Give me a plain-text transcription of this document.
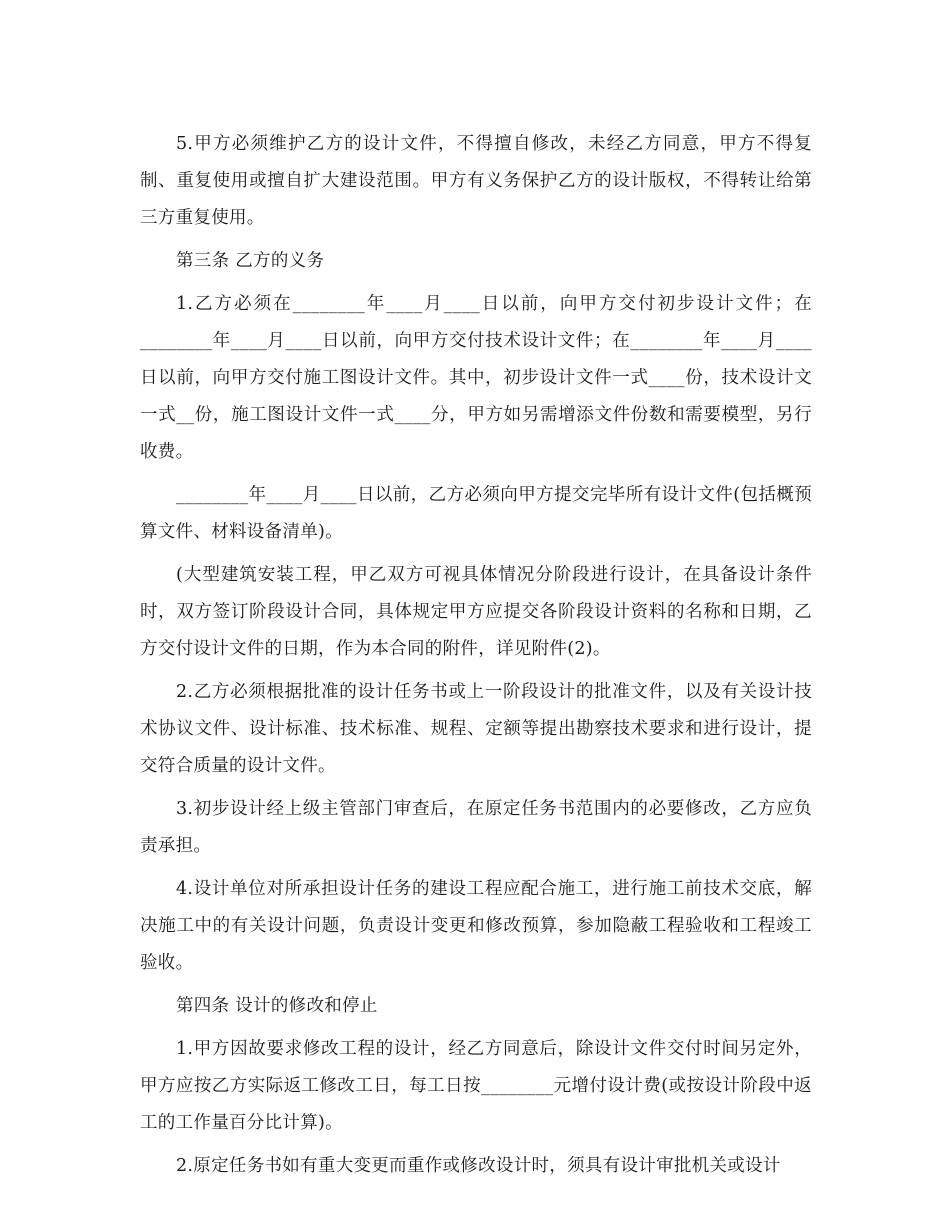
5.甲方必须维护乙方的设计文件，不得擅自修改，未经乙方同意，甲方不得复制、重复使用或擅自扩大建设范围。甲方有义务保护乙方的设计版权，不得转让给第三方重复使用。

第三条 乙方的义务

1.乙方必须在________年____月____日以前，向甲方交付初步设计文件；在________年____月____日以前，向甲方交付技术设计文件；在________年____月____日以前，向甲方交付施工图设计文件。其中，初步设计文件一式____份，技术设计文一式__份，施工图设计文件一式____分，甲方如另需增添文件份数和需要模型，另行收费。

________年____月____日以前，乙方必须向甲方提交完毕所有设计文件(包括概预算文件、材料设备清单)。

(大型建筑安装工程，甲乙双方可视具体情况分阶段进行设计，在具备设计条件时，双方签订阶段设计合同，具体规定甲方应提交各阶段设计资料的名称和日期，乙方交付设计文件的日期，作为本合同的附件，详见附件(2)。

2.乙方必须根据批准的设计任务书或上一阶段设计的批准文件，以及有关设计技术协议文件、设计标准、技术标准、规程、定额等提出勘察技术要求和进行设计，提交符合质量的设计文件。

3.初步设计经上级主管部门审查后，在原定任务书范围内的必要修改，乙方应负责承担。

4.设计单位对所承担设计任务的建设工程应配合施工，进行施工前技术交底，解决施工中的有关设计问题，负责设计变更和修改预算，参加隐蔽工程验收和工程竣工验收。

第四条 设计的修改和停止

1.甲方因故要求修改工程的设计，经乙方同意后，除设计文件交付时间另定外，甲方应按乙方实际返工修改工日，每工日按________元增付设计费(或按设计阶段中返工的工作量百分比计算)。

2.原定任务书如有重大变更而重作或修改设计时，须具有设计审批机关或设计
